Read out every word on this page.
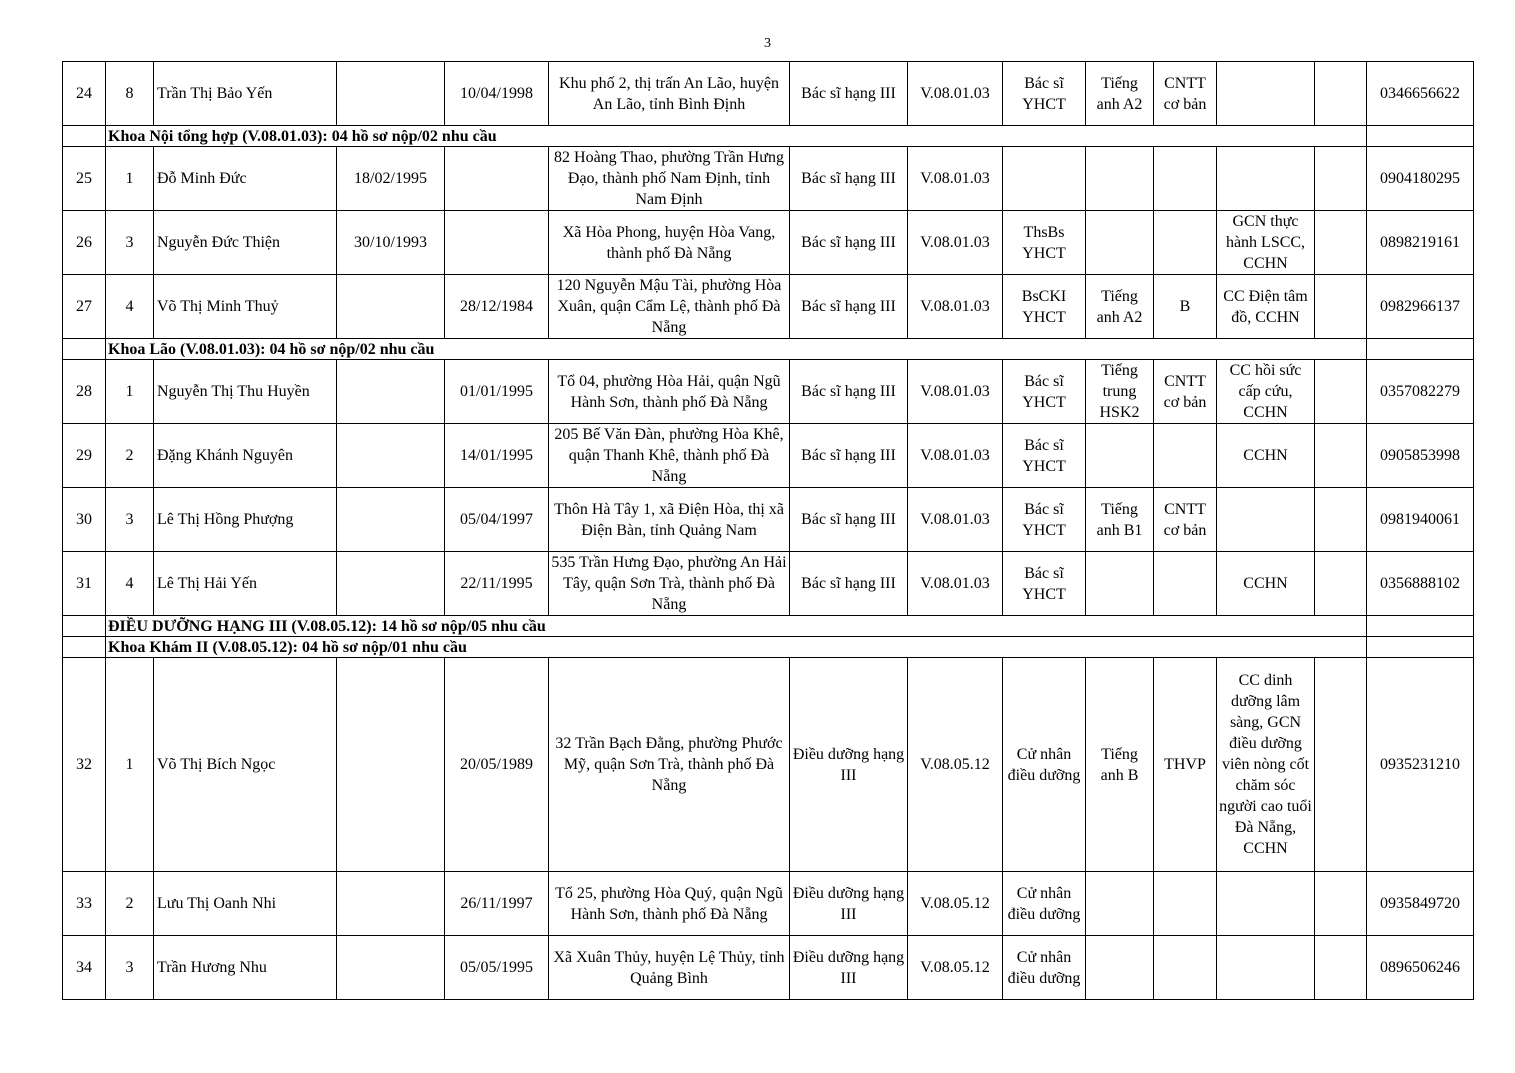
3
24	8	Trần Thị Bảo Yến		10/04/1998	Khu phố 2, thị trấn An Lão, huyện An Lão, tỉnh Bình Định	Bác sĩ hạng III	V.08.01.03	Bác sĩ YHCT	Tiếng anh A2	CNTT cơ bản			0346656622
	Khoa Nội tổng hợp (V.08.01.03): 04 hồ sơ nộp/02 nhu cầu												
25	1	Đỗ Minh Đức	18/02/1995		82 Hoàng Thao, phường Trần Hưng Đạo, thành phố Nam Định, tỉnh Nam Định	Bác sĩ hạng III	V.08.01.03						0904180295
26	3	Nguyễn Đức Thiện	30/10/1993		Xã Hòa Phong, huyện Hòa Vang, thành phố Đà Nẵng	Bác sĩ hạng III	V.08.01.03	ThsBs YHCT			GCN thực hành LSCC, CCHN		0898219161
27	4	Võ Thị Minh Thuỷ		28/12/1984	120 Nguyễn Mậu Tài, phường Hòa Xuân, quận Cẩm Lệ, thành phố Đà Nẵng	Bác sĩ hạng III	V.08.01.03	BsCKI YHCT	Tiếng anh A2	B	CC Điện tâm đồ, CCHN		0982966137
	Khoa Lão (V.08.01.03): 04 hồ sơ nộp/02 nhu cầu												
28	1	Nguyễn Thị Thu Huyền		01/01/1995	Tổ 04, phường Hòa Hải, quận Ngũ Hành Sơn, thành phố Đà Nẵng	Bác sĩ hạng III	V.08.01.03	Bác sĩ YHCT	Tiếng trung HSK2	CNTT cơ bản	CC hồi sức cấp cứu, CCHN		0357082279
29	2	Đặng Khánh Nguyên		14/01/1995	205 Bế Văn Đàn, phường Hòa Khê, quận Thanh Khê, thành phố Đà Nẵng	Bác sĩ hạng III	V.08.01.03	Bác sĩ YHCT			CCHN		0905853998
30	3	Lê Thị Hồng Phượng		05/04/1997	Thôn Hà Tây 1, xã Điện Hòa, thị xã Điện Bàn, tỉnh Quảng Nam	Bác sĩ hạng III	V.08.01.03	Bác sĩ YHCT	Tiếng anh B1	CNTT cơ bản			0981940061
31	4	Lê Thị Hải Yến		22/11/1995	535 Trần Hưng Đạo, phường An Hải Tây, quận Sơn Trà, thành phố Đà Nẵng	Bác sĩ hạng III	V.08.01.03	Bác sĩ YHCT			CCHN		0356888102
	ĐIỀU DƯỠNG HẠNG III (V.08.05.12): 14 hồ sơ nộp/05 nhu cầu												
	Khoa Khám II (V.08.05.12): 04 hồ sơ nộp/01 nhu cầu												
32	1	Võ Thị Bích Ngọc		20/05/1989	32 Trần Bạch Đằng, phường Phước Mỹ, quận Sơn Trà, thành phố Đà Nẵng	Điều dưỡng hạng III	V.08.05.12	Cử nhân điều dưỡng	Tiếng anh B	THVP	CC dinh dưỡng lâm sàng, GCN điều dưỡng viên nòng cốt chăm sóc người cao tuổi Đà Nẵng, CCHN		0935231210
33	2	Lưu Thị Oanh Nhi		26/11/1997	Tổ 25, phường Hòa Quý, quận Ngũ Hành Sơn, thành phố Đà Nẵng	Điều dưỡng hạng III	V.08.05.12	Cử nhân điều dưỡng					0935849720
34	3	Trần Hương Nhu		05/05/1995	Xã Xuân Thủy, huyện Lệ Thủy, tỉnh Quảng Bình	Điều dưỡng hạng III	V.08.05.12	Cử nhân điều dưỡng					0896506246
